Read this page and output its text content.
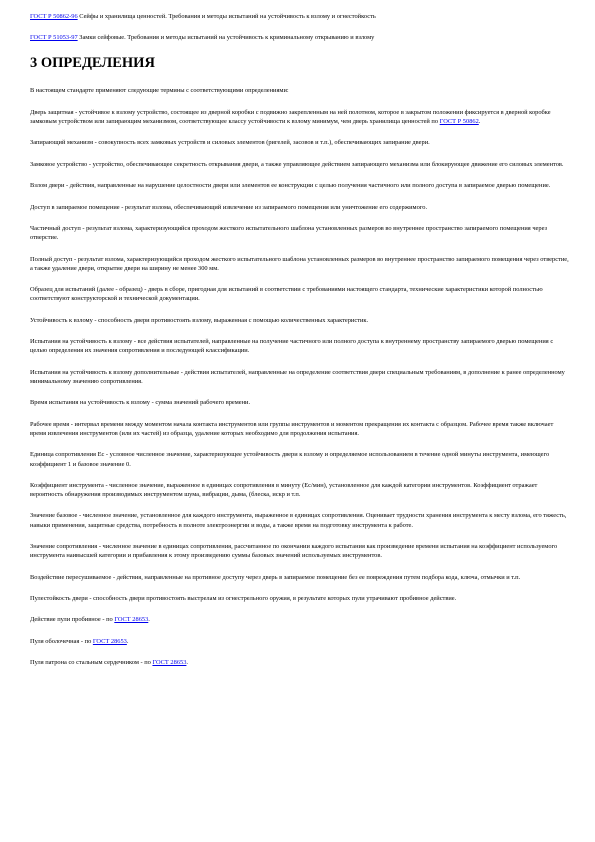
ГОСТ Р 50862-96 Сейфы и хранилища ценностей. Требования и методы испытаний на устойчивость к взлому и огнестойкость
ГОСТ Р 51053-97 Замки сейфовые. Требования и методы испытаний на устойчивость к криминальному открыванию и взлому
3 ОПРЕДЕЛЕНИЯ
В настоящем стандарте применяют следующие термины с соответствующими определениями:
Дверь защитная - устойчивое к взлому устройство, состоящее из дверной коробки с подвижно закрепленным на ней полотном, которое в закрытом положении фиксируется в дверной коробке замковым устройством или запирающим механизмом, соответствующее классу устойчивости к взлому минимум, чем дверь хранилища ценностей по ГОСТ Р 50862.
Запирающий механизм - совокупность всех замковых устройств и силовых элементов (ригелей, засовов и т.п.), обеспечивающих запирание двери.
Замковое устройство - устройство, обеспечивающее секретность открывания двери, а также управляющее действием запирающего механизма или блокирующее движение его силовых элементов.
Взлом двери - действия, направленные на нарушение целостности двери или элементов ее конструкции с целью получения частичного или полного доступа в запираемое дверью помещение.
Доступ в запираемое помещение - результат взлома, обеспечивающий извлечение из запираемого помещения или уничтожение его содержимого.
Частичный доступ - результат взлома, характеризующийся проходом жесткого испытательного шаблона установленных размеров во внутреннее пространство запираемого помещения через отверстие.
Полный доступ - результат взлома, характеризующийся проходом жесткого испытательного шаблона установленных размеров во внутреннее пространство запираемого помещения через отверстие, а также удаление двери, открытие двери на ширину не менее 300 мм.
Образец для испытаний (далее - образец) - дверь в сборе, пригодная для испытаний в соответствии с требованиями настоящего стандарта, технические характеристики которой полностью соответствуют конструкторской и технической документации.
Устойчивость к взлому - способность двери противостоять взлому, выраженная с помощью количественных характеристик.
Испытания на устойчивость к взлому - все действия испытателей, направленные на получение частичного или полного доступа к внутреннему пространству запираемого дверью помещения с целью определения их значения сопротивления и последующей классификации.
Испытания на устойчивость к взлому дополнительные - действия испытателей, направленные на определение соответствия двери специальным требованиям, в дополнение к ранее определенному минимальному значению сопротивления.
Время испытания на устойчивость к взлому - сумма значений рабочего времени.
Рабочее время - интервал времени между моментом начала контакта инструментов или группы инструментов и моментом прекращения их контакта с образцом. Рабочее время также включает время извлечения инструментов (или их частей) из образца, удаление которых необходимо для продолжения испытания.
Единица сопротивления Ес - условное численное значение, характеризующее устойчивость двери к взлому и определяемое использованием в течение одной минуты инструмента, имеющего коэффициент 1 и базовое значение 0.
Коэффициент инструмента - численное значение, выраженное в единицах сопротивления в минуту (Ес/мин), установленное для каждой категории инструментов. Коэффициент отражает вероятность обнаружения производимых инструментом шума, вибрации, дыма, (блеска, искр и т.п.
Значение базовое - численное значение, установленное для каждого инструмента, выраженное в единицах сопротивления. Оценивает трудности хранения инструмента к месту взлома, его тяжесть, навыки применения, защитные средства, потребность в полноте электроэнергии и воды, а также время на подготовку инструмента к работе.
Значение сопротивления - численное значение в единицах сопротивления, рассчитанное по окончании каждого испытания как произведение времени испытания на коэффициент используемого инструмента наивысшей категории и прибавления к этому произведению суммы базовых значений используемых инструментов.
Воздействие пересушиваемое - действия, направленные на противное доступу через дверь в запираемое помещение без ее повреждения путем подбора кода, ключа, отмычки и т.п.
Пулестойкость двери - способность двери противостоять выстрелам из огнестрельного оружия, в результате которых пули утрачивают пробивное действие.
Действие пули пробивное - по ГОСТ 28653.
Пуля оболочечная - по ГОСТ 28653.
Пуля патрона со стальным сердечником - по ГОСТ 28653.
